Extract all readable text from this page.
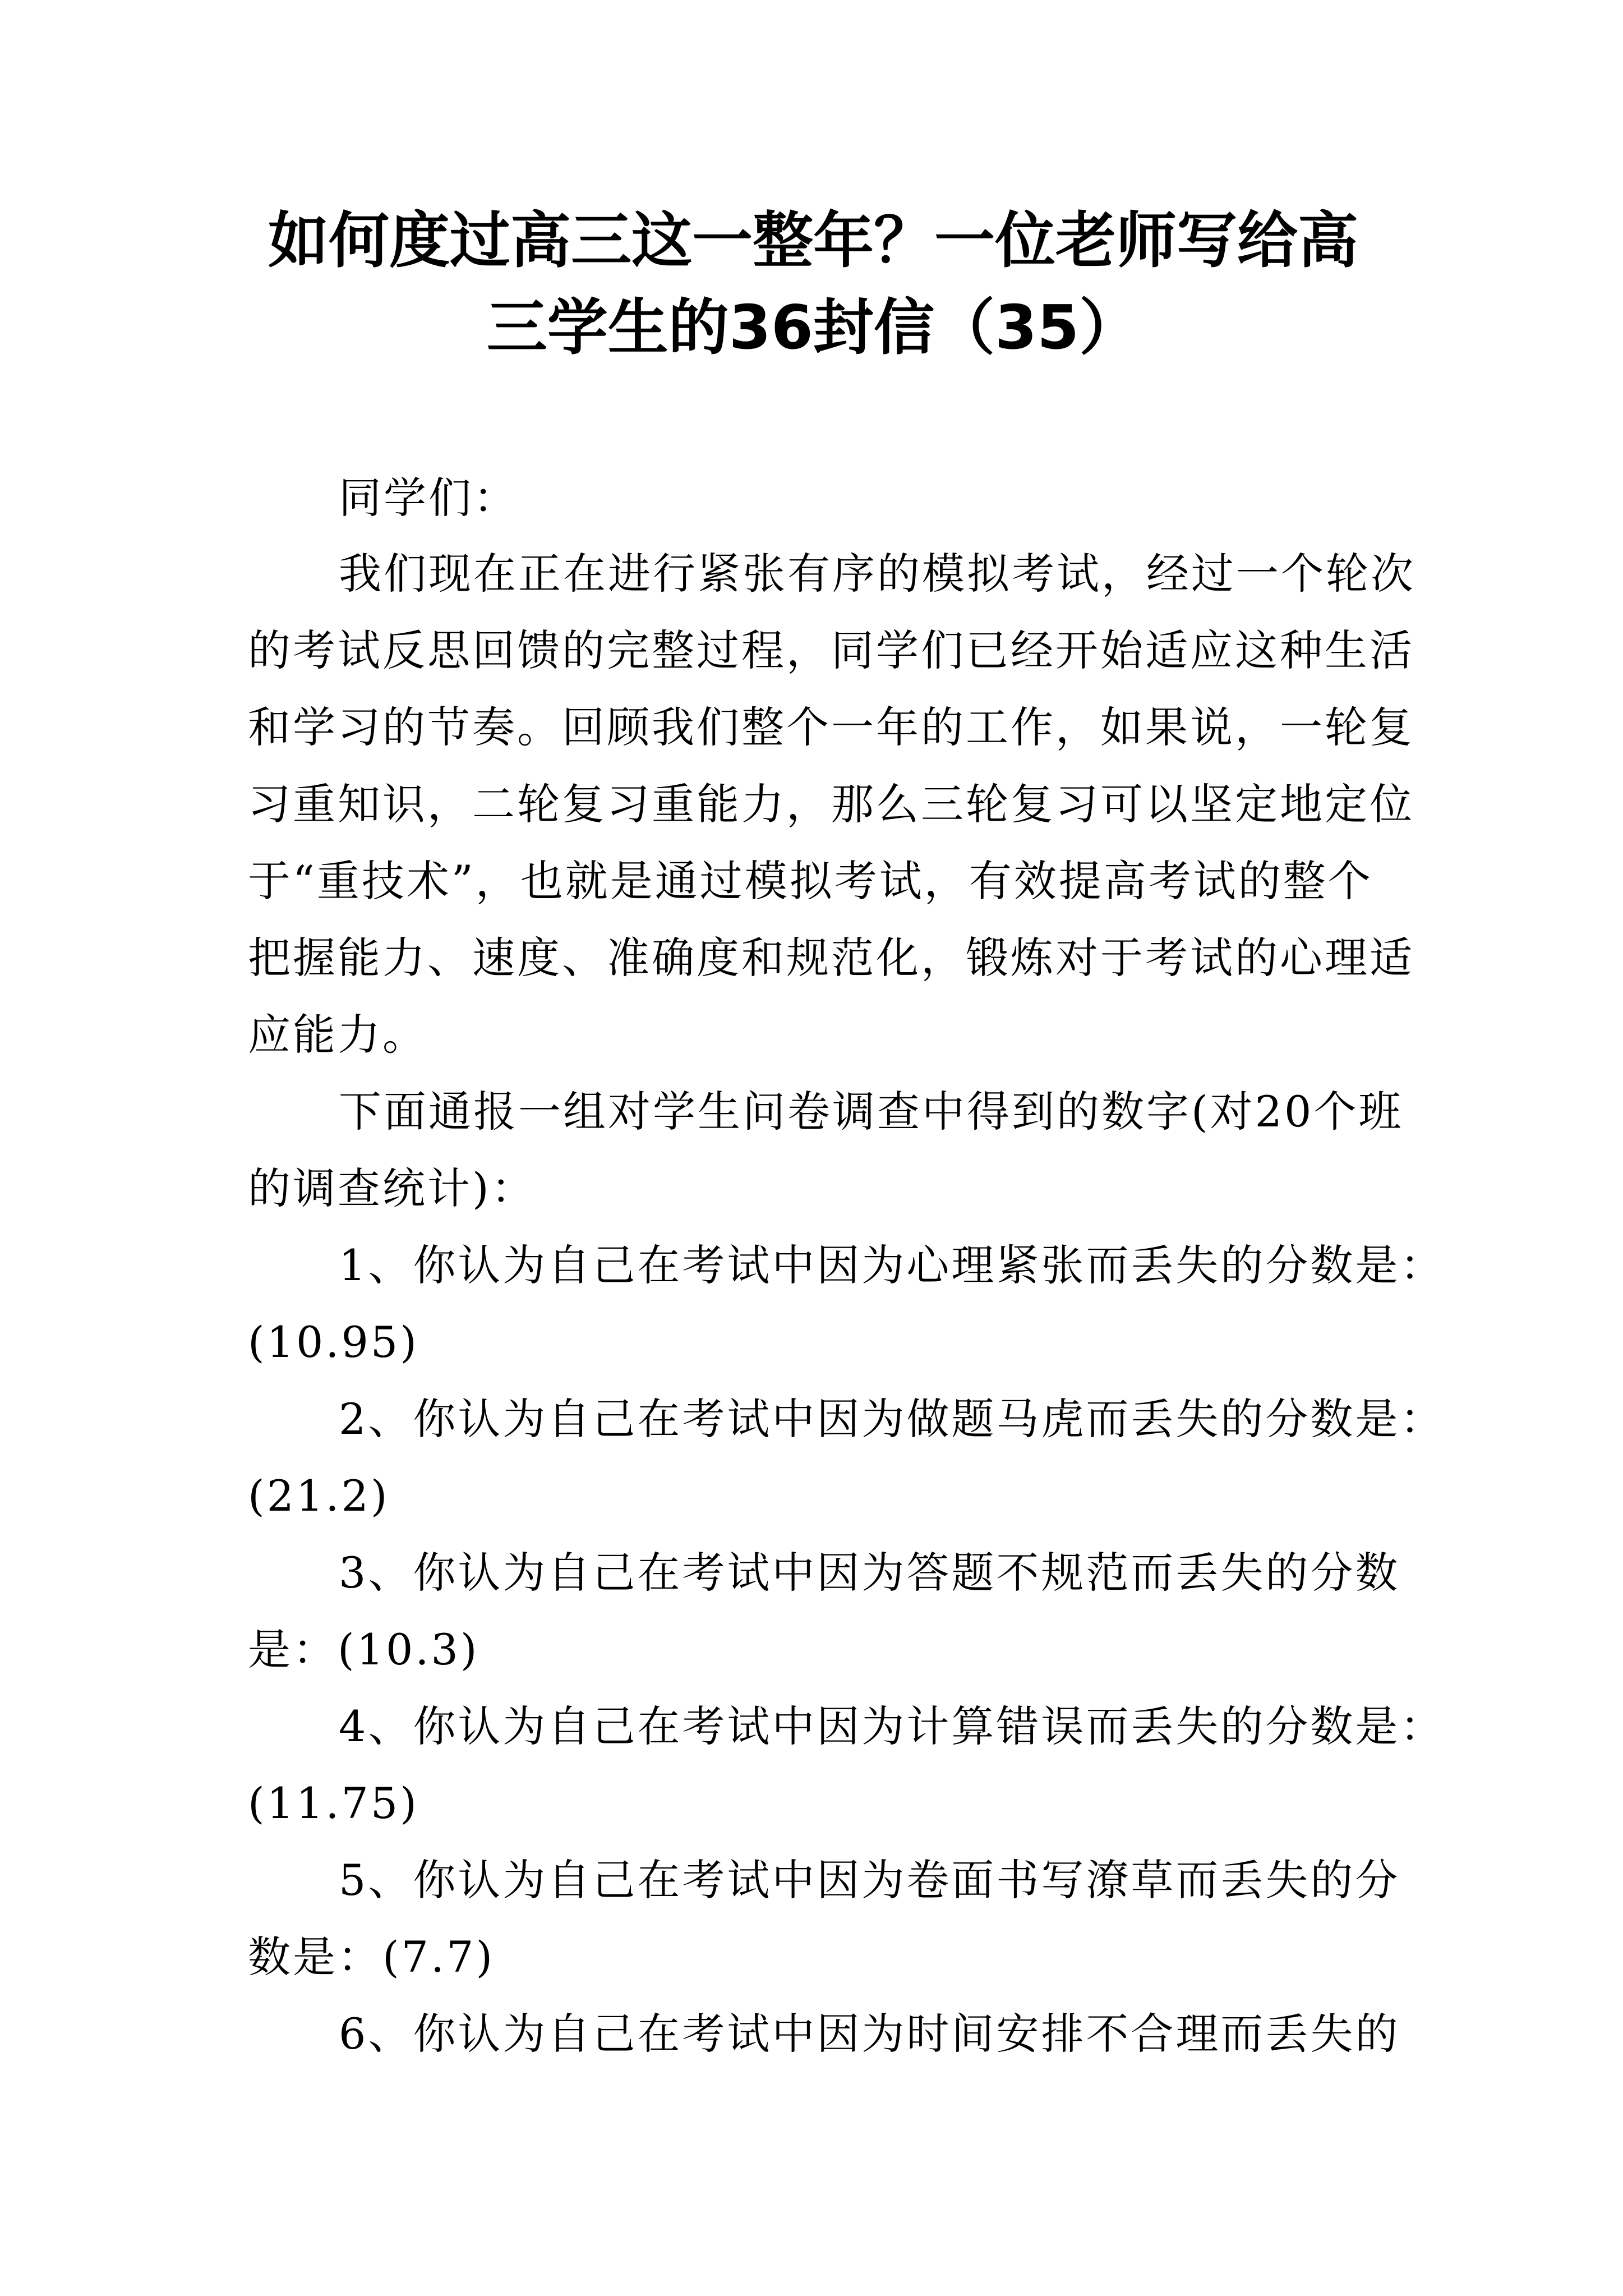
如何度过高三这一整年？一位老师写给高
三学生的36封信（35）
同学们：
我们现在正在进行紧张有序的模拟考试，经过一个轮次
的考试反思回馈的完整过程，同学们已经开始适应这种生活
和学习的节奏。回顾我们整个一年的工作，如果说，一轮复
习重知识，二轮复习重能力，那么三轮复习可以坚定地定位
于“重技术”，也就是通过模拟考试，有效提高考试的整个
把握能力、速度、准确度和规范化，锻炼对于考试的心理适
应能力。
下面通报一组对学生问卷调查中得到的数字(对20个班
的调查统计)：
1、你认为自己在考试中因为心理紧张而丢失的分数是：
(10.95)
2、你认为自己在考试中因为做题马虎而丢失的分数是：
(21.2)
3、你认为自己在考试中因为答题不规范而丢失的分数
是：(10.3)
4、你认为自己在考试中因为计算错误而丢失的分数是：
(11.75)
5、你认为自己在考试中因为卷面书写潦草而丢失的分
数是：(7.7)
6、你认为自己在考试中因为时间安排不合理而丢失的
